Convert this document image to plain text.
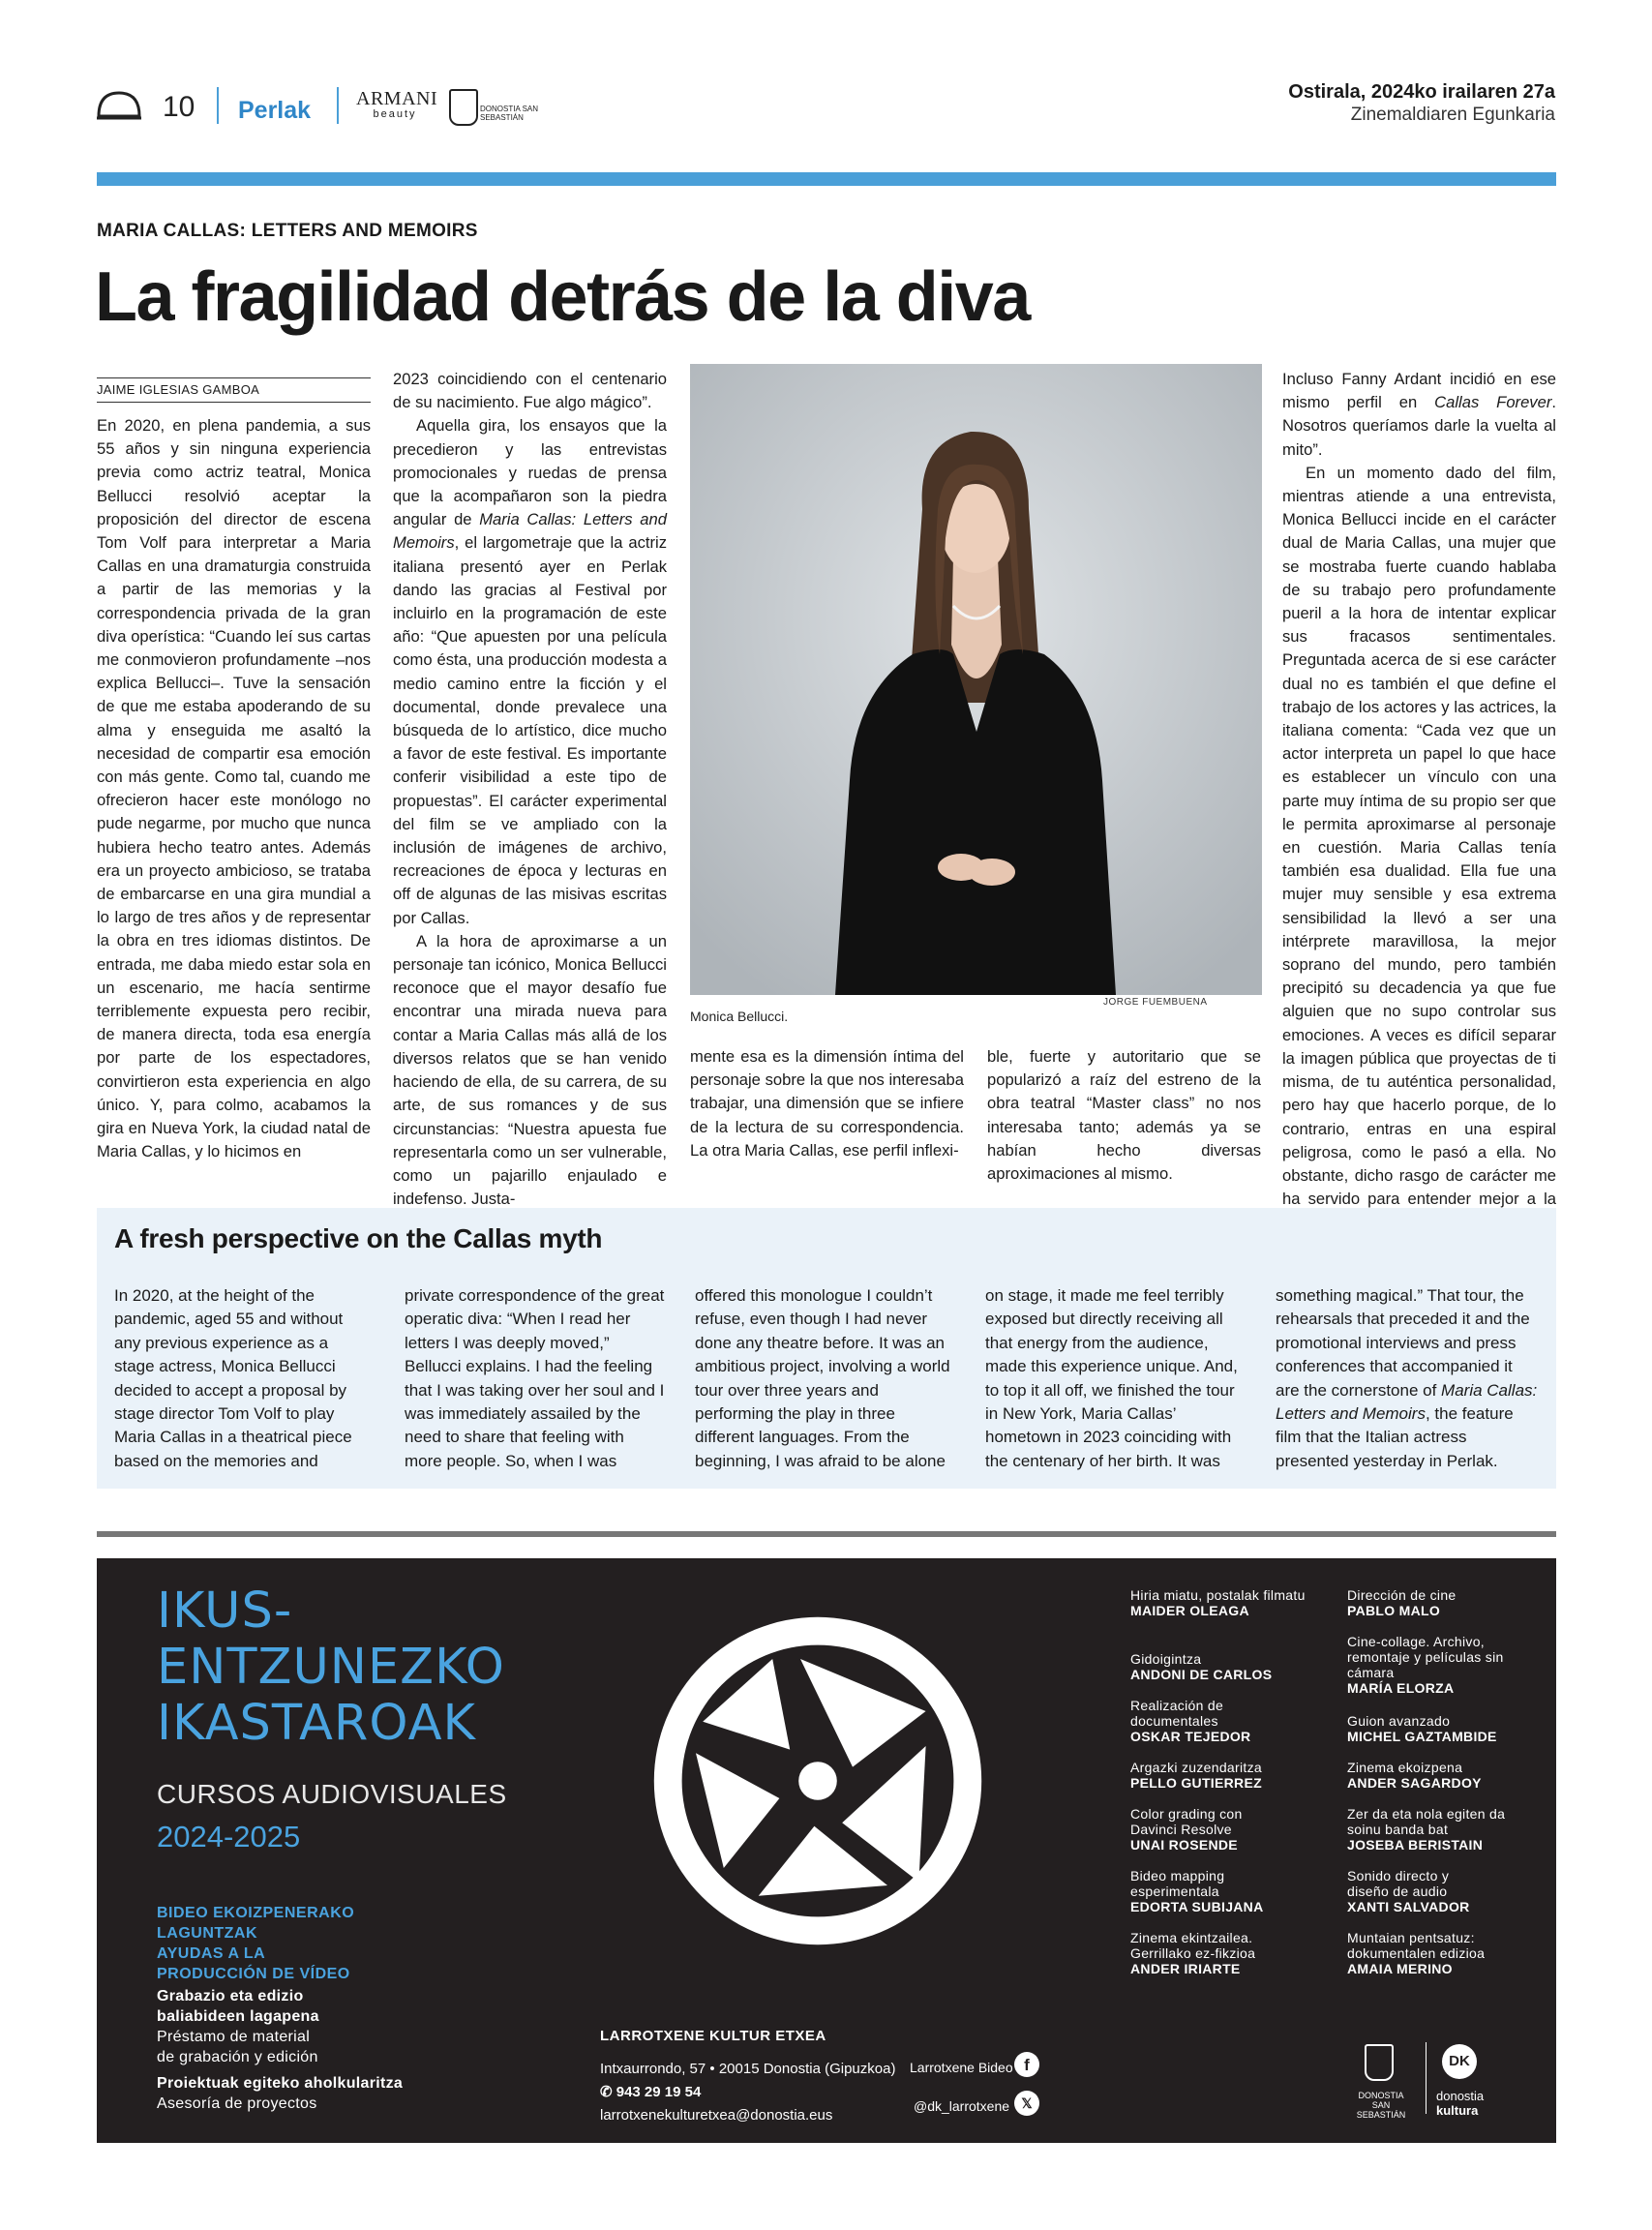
10 Perlak ARMANI
beauty	DONOSTIA SAN SEBASTIÁN
Ostirala, 2024ko irailaren 27a
Zinemaldiaren Egunkaria
MARIA CALLAS: LETTERS AND MEMOIRS
La fragilidad detrás de la diva
JAIME IGLESIAS GAMBOA

En 2020, en plena pandemia, a sus 55 años y sin ninguna experiencia previa como actriz teatral, Monica Bellucci resolvió aceptar la proposición del director de escena Tom Volf para interpretar a Maria Callas en una dramaturgia construida a partir de las memorias y la correspondencia privada de la gran diva operística: “Cuando leí sus cartas me conmovieron profundamente –nos explica Bellucci–. Tuve la sensación de que me estaba apoderando de su alma y enseguida me asaltó la necesidad de compartir esa emoción con más gente. Como tal, cuando me ofrecieron hacer este monólogo no pude negarme, por mucho que nunca hubiera hecho teatro antes. Además era un proyecto ambicioso, se trataba de embarcarse en una gira mundial a lo largo de tres años y de representar la obra en tres idiomas distintos. De entrada, me daba miedo estar sola en un escenario, me hacía sentirme terriblemente expuesta pero recibir, de manera directa, toda esa energía por parte de los espectadores, convirtieron esta experiencia en algo único. Y, para colmo, acabamos la gira en Nueva York, la ciudad natal de Maria Callas, y lo hicimos en

2023 coincidiendo con el centenario de su nacimiento. Fue algo mágico”.

Aquella gira, los ensayos que la precedieron y las entrevistas promocionales y ruedas de prensa que la acompañaron son la piedra angular de Maria Callas: Letters and Memoirs, el largometraje que la actriz italiana presentó ayer en Perlak dando las gracias al Festival por incluirlo en la programación de este año: “Que apuesten por una película como ésta, una producción modesta a medio camino entre la ficción y el documental, donde prevalece una búsqueda de lo artístico, dice mucho a favor de este festival. Es importante conferir visibilidad a este tipo de propuestas”. El carácter experimental del film se ve ampliado con la inclusión de imágenes de archivo, recreaciones de época y lecturas en off de algunas de las misivas escritas por Callas.

A la hora de aproximarse a un personaje tan icónico, Monica Bellucci reconoce que el mayor desafío fue encontrar una mirada nueva para contar a Maria Callas más allá de los diversos relatos que se han venido haciendo de ella, de su carrera, de su arte, de sus romances y de sus circunstancias: “Nuestra apuesta fue representarla como un ser vulnerable, como un pajarillo enjaulado e indefenso. Justa-

JORGE FUEMBUENA
Monica Bellucci.

mente esa es la dimensión íntima del personaje sobre la que nos interesaba trabajar, una dimensión que se infiere de la lectura de su correspondencia. La otra Maria Callas, ese perfil inflexi-

ble, fuerte y autoritario que se popularizó a raíz del estreno de la obra teatral “Master class” no nos interesaba tanto; además ya se habían hecho diversas aproximaciones al mismo.

Incluso Fanny Ardant incidió en ese mismo perfil en Callas Forever. Nosotros queríamos darle la vuelta al mito”.

En un momento dado del film, mientras atiende a una entrevista, Monica Bellucci incide en el carácter dual de Maria Callas, una mujer que se mostraba fuerte cuando hablaba de su trabajo pero profundamente pueril a la hora de intentar explicar sus fracasos sentimentales. Preguntada acerca de si ese carácter dual no es también el que define el trabajo de los actores y las actrices, la italiana comenta: “Cada vez que un actor interpreta un papel lo que hace es establecer un vínculo con una parte muy íntima de su propio ser que le permita aproximarse al personaje en cuestión. Maria Callas tenía también esa dualidad. Ella fue una mujer muy sensible y esa extrema sensibilidad la llevó a ser una intérprete maravillosa, la mejor soprano del mundo, pero también precipitó su decadencia ya que fue alguien que no supo controlar sus emociones. A veces es difícil separar la imagen pública que proyectas de ti misma, de tu auténtica personalidad, pero hay que hacerlo porque, de lo contrario, entras en una espiral peligrosa, como le pasó a ella. No obstante, dicho rasgo de carácter me ha servido para entender mejor a la

A fresh perspective on the Callas myth
In 2020, at the height of the pandemic, aged 55 and without any previous experience as a stage actress, Monica Bellucci decided to accept a proposal by stage director Tom Volf to play Maria Callas in a theatrical piece based on the memories and
private correspondence of the great operatic diva: “When I read her letters I was deeply moved,” Bellucci explains. I had the feeling that I was taking over her soul and I was immediately assailed by the need to share that feeling with more people. So, when I was
offered this monologue I couldn’t refuse, even though I had never done any theatre before. It was an ambitious project, involving a world tour over three years and performing the play in three different languages. From the beginning, I was afraid to be alone
on stage, it made me feel terribly exposed but directly receiving all that energy from the audience, made this experience unique. And, to top it all off, we finished the tour in New York, Maria Callas’ hometown in 2023 coinciding with the centenary of her birth. It was
something magical.” That tour, the rehearsals that preceded it and the promotional interviews and press conferences that accompanied it are the cornerstone of Maria Callas: Letters and Memoirs, the feature film that the Italian actress presented yesterday in Perlak.
IKUS-
ENTZUNEZKO
IKASTAROAK
CURSOS AUDIOVISUALES
2024-2025
BIDEO EKOIZPENERAKO
LAGUNTZAK
AYUDAS A LA
PRODUCCIÓN DE VÍDEO
Grabazio eta edizio
baliabideen lagapena
Préstamo de material
de grabación y edición
Proiektuak egiteko aholkularitza
Asesoría de proyectos
LARROTXENE KULTUR ETXEA
Intxaurrondo, 57 • 20015 Donostia (Gipuzkoa)
✆ 943 29 19 54
larrotxenekulturetxea@donostia.eus
Larrotxene Bideo f
@dk_larrotxene 𝕏
Hiria miatu, postalak filmatu
MAIDER OLEAGA
Gidoigintza
ANDONI DE CARLOS
Realización de documentales
OSKAR TEJEDOR
Argazki zuzendaritza
PELLO GUTIERREZ
Color grading con Davinci Resolve
UNAI ROSENDE
Bideo mapping esperimentala
EDORTA SUBIJANA
Zinema ekintzailea. Gerrillako ez-fikzioa
ANDER IRIARTE
Dirección de cine
PABLO MALO
Cine-collage. Archivo, remontaje y películas sin cámara
MARÍA ELORZA
Guion avanzado
MICHEL GAZTAMBIDE
Zinema ekoizpena
ANDER SAGARDOY
Zer da eta nola egiten da soinu banda bat
JOSEBA BERISTAIN
Sonido directo y diseño de audio
XANTI SALVADOR
Muntaian pentsatuz: dokumentalen edizioa
AMAIA MERINO
DONOSTIA SAN SEBASTIÁN
DK
donostia
kultura
